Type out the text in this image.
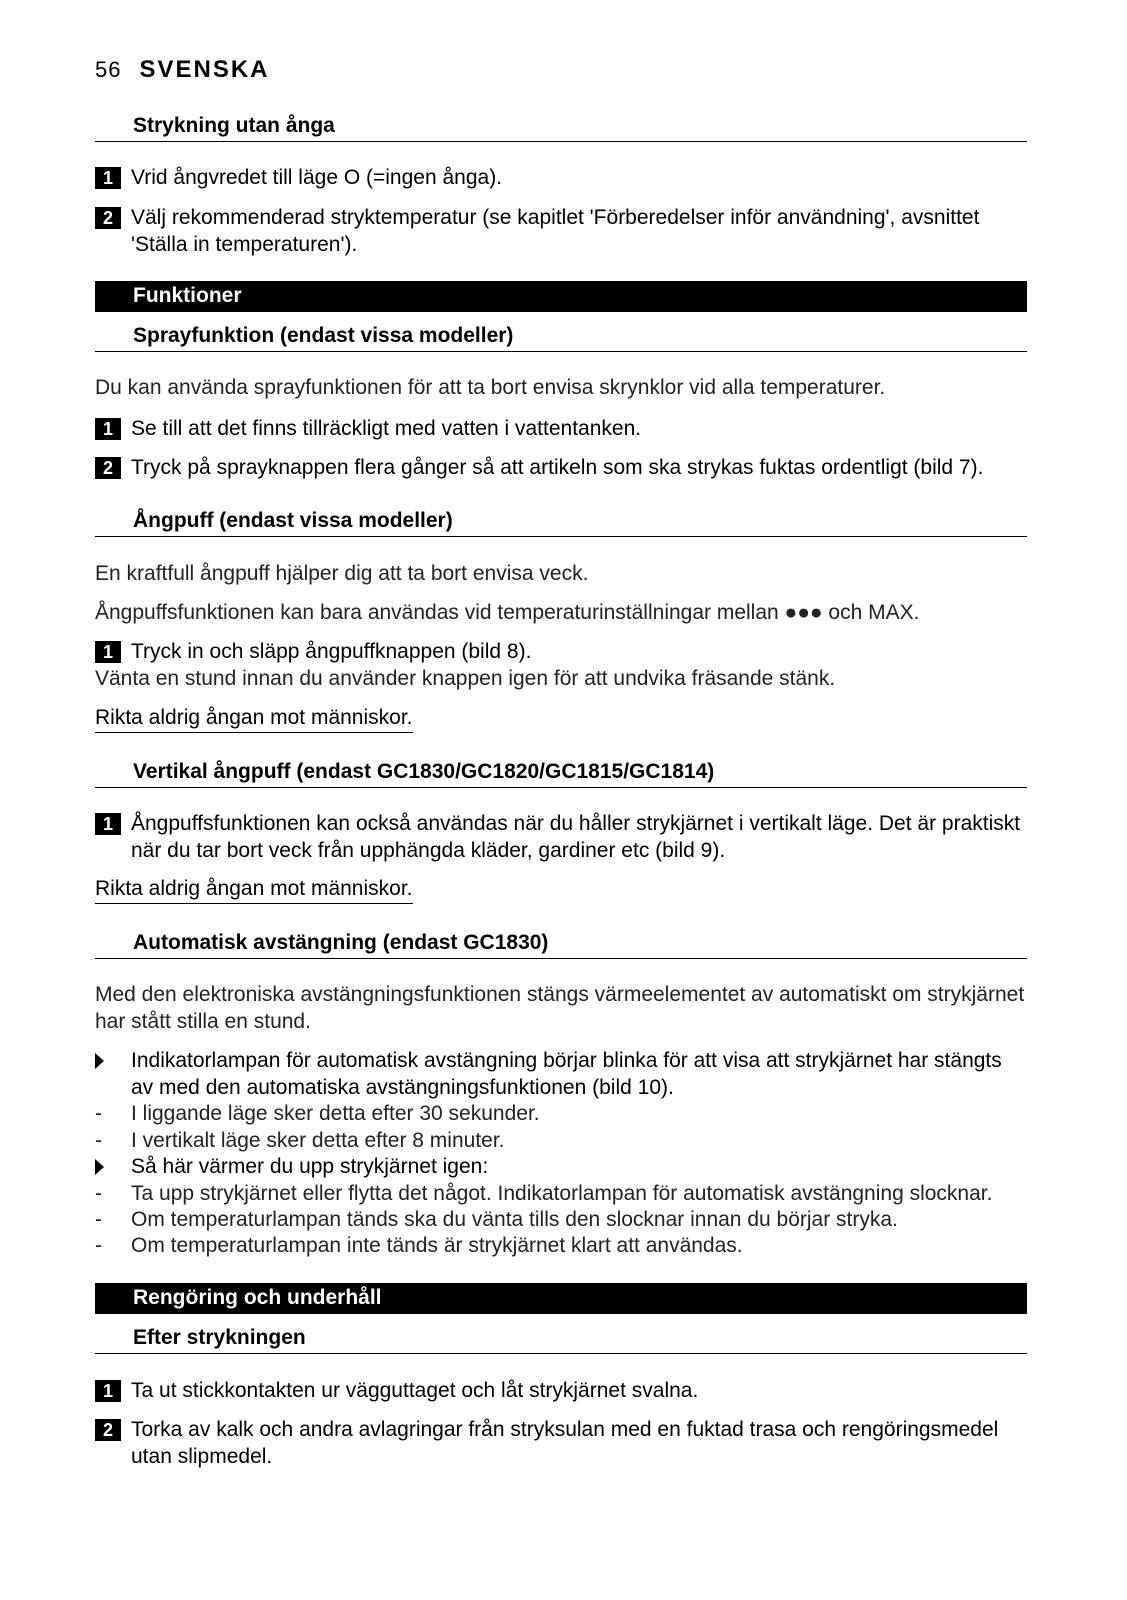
56 SVENSKA
Strykning utan ånga
1 Vrid ångvredet till läge O (=ingen ånga).
2 Välj rekommenderad stryktemperatur (se kapitlet 'Förberedelser inför användning', avsnittet 'Ställa in temperaturen').
Funktioner
Sprayfunktion (endast vissa modeller)
Du kan använda sprayfunktionen för att ta bort envisa skrynklor vid alla temperaturer.
1 Se till att det finns tillräckligt med vatten i vattentanken.
2 Tryck på sprayknappen flera gånger så att artikeln som ska strykas fuktas ordentligt (bild 7).
Ångpuff (endast vissa modeller)
En kraftfull ångpuff hjälper dig att ta bort envisa veck.
Ångpuffsfunktionen kan bara användas vid temperaturinställningar mellan ●●● och MAX.
1 Tryck in och släpp ångpuffknappen (bild 8).
Vänta en stund innan du använder knappen igen för att undvika fräsande stänk.
Rikta aldrig ångan mot människor.
Vertikal ångpuff (endast GC1830/GC1820/GC1815/GC1814)
1 Ångpuffsfunktionen kan också användas när du håller strykjärnet i vertikalt läge. Det är praktiskt när du tar bort veck från upphängda kläder, gardiner etc (bild 9).
Rikta aldrig ångan mot människor.
Automatisk avstängning (endast GC1830)
Med den elektroniska avstängningsfunktionen stängs värmeelementet av automatiskt om strykjärnet har stått stilla en stund.
Indikatorlampan för automatisk avstängning börjar blinka för att visa att strykjärnet har stängts av med den automatiska avstängningsfunktionen (bild 10).
-	I liggande läge sker detta efter 30 sekunder.
-	I vertikalt läge sker detta efter 8 minuter.
Så här värmer du upp strykjärnet igen:
-	Ta upp strykjärnet eller flytta det något. Indikatorlampan för automatisk avstängning slocknar.
-	Om temperaturlampan tänds ska du vänta tills den slocknar innan du börjar stryka.
-	Om temperaturlampan inte tänds är strykjärnet klart att användas.
Rengöring och underhåll
Efter strykningen
1 Ta ut stickkontakten ur vägguttaget och låt strykjärnet svalna.
2 Torka av kalk och andra avlagringar från stryksulan med en fuktad trasa och rengöringsmedel utan slipmedel.
